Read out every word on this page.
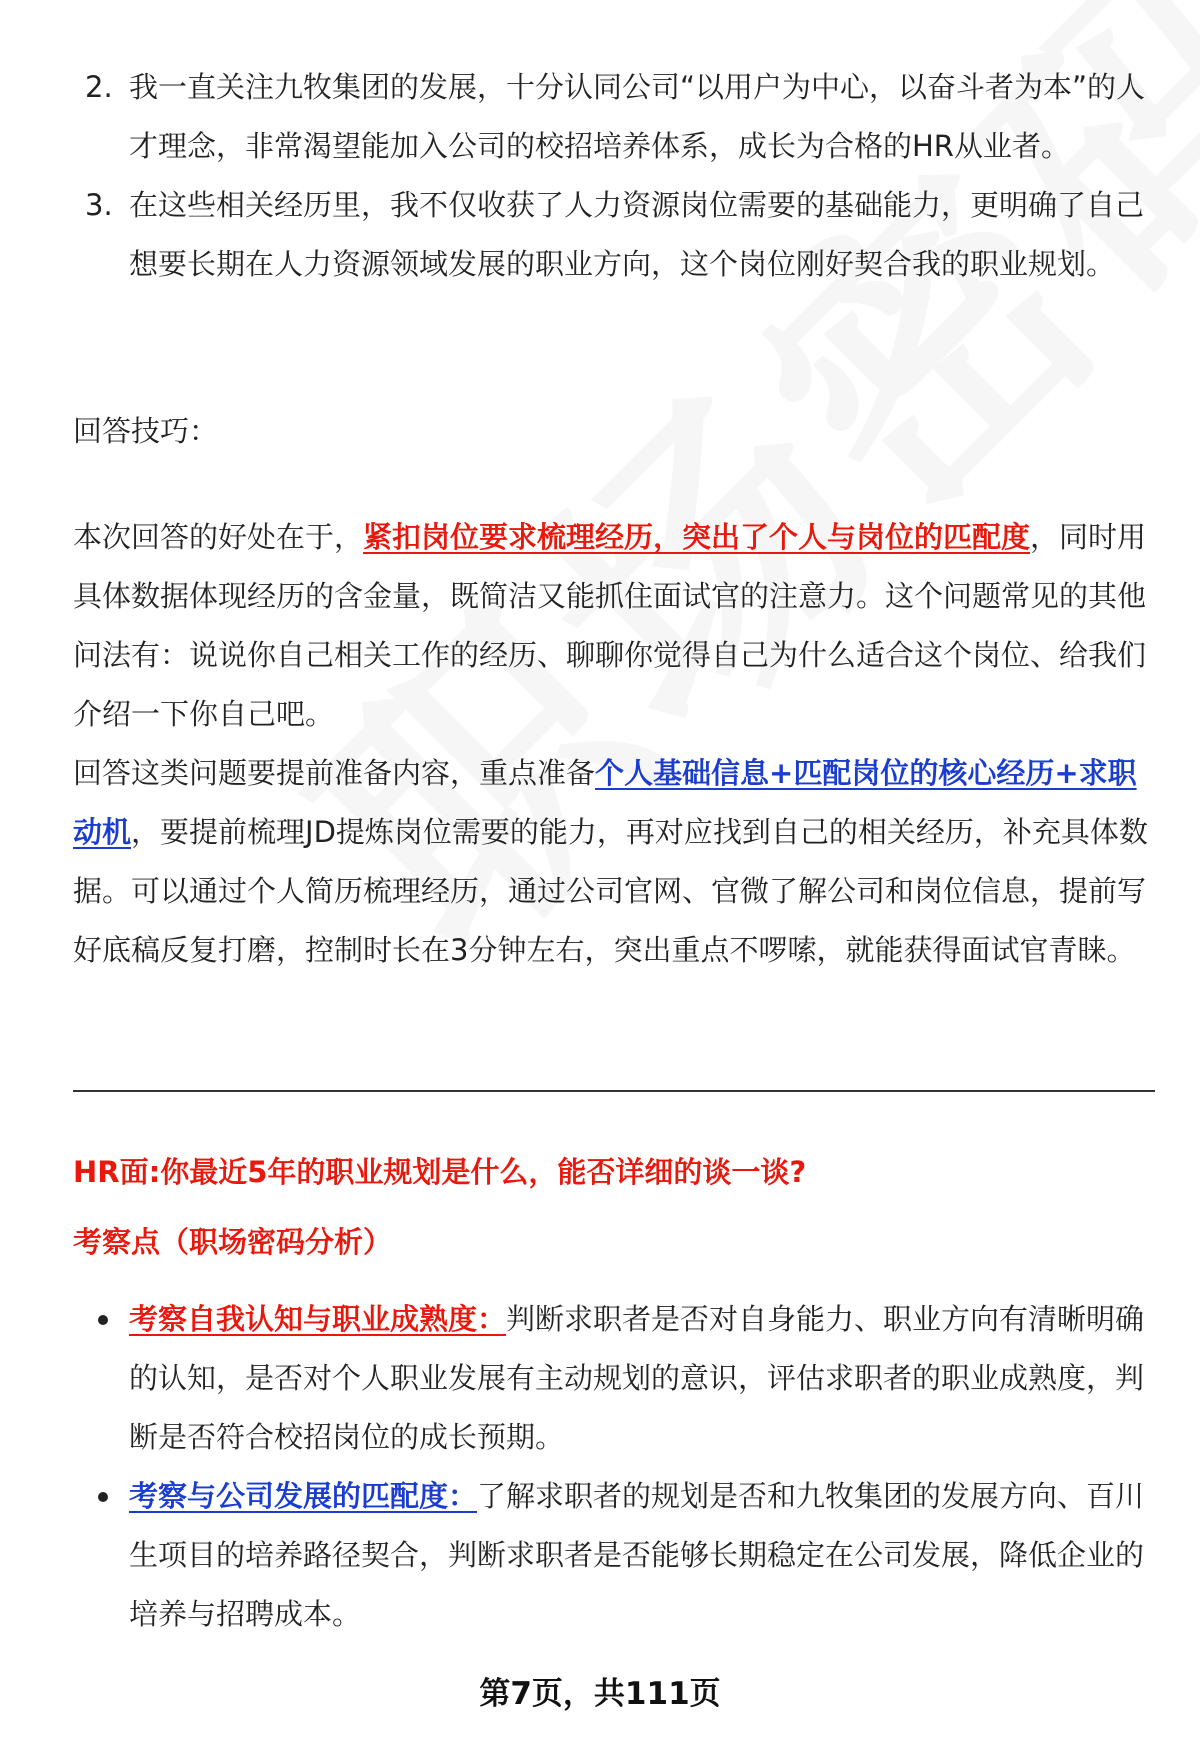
2. 我一直关注九牧集团的发展，十分认同公司“以用户为中心，以奋斗者为本”的人才理念，非常渴望能加入公司的校招培养体系，成长为合格的HR从业者。
3. 在这些相关经历里，我不仅收获了人力资源岗位需要的基础能力，更明确了自己想要长期在人力资源领域发展的职业方向，这个岗位刚好契合我的职业规划。
回答技巧：
本次回答的好处在于，紧扣岗位要求梳理经历，突出了个人与岗位的匹配度，同时用具体数据体现经历的含金量，既简洁又能抓住面试官的注意力。这个问题常见的其他问法有：说说你自己相关工作的经历、聊聊你觉得自己为什么适合这个岗位、给我们介绍一下你自己吧。
回答这类问题要提前准备内容，重点准备个人基础信息+匹配岗位的核心经历+求职动机，要提前梳理JD提炼岗位需要的能力，再对应找到自己的相关经历，补充具体数据。可以通过个人简历梳理经历，通过公司官网、官微了解公司和岗位信息，提前写好底稿反复打磨，控制时长在3分钟左右，突出重点不啰嗦，就能获得面试官青睐。
HR面:你最近5年的职业规划是什么，能否详细的谈一谈?
考察点（职场密码分析）
考察自我认知与职业成熟度：判断求职者是否对自身能力、职业方向有清晰明确的认知，是否对个人职业发展有主动规划的意识，评估求职者的职业成熟度，判断是否符合校招岗位的成长预期。
考察与公司发展的匹配度：了解求职者的规划是否和九牧集团的发展方向、百川生项目的培养路径契合，判断求职者是否能够长期稳定在公司发展，降低企业的培养与招聘成本。
第7页，共111页
